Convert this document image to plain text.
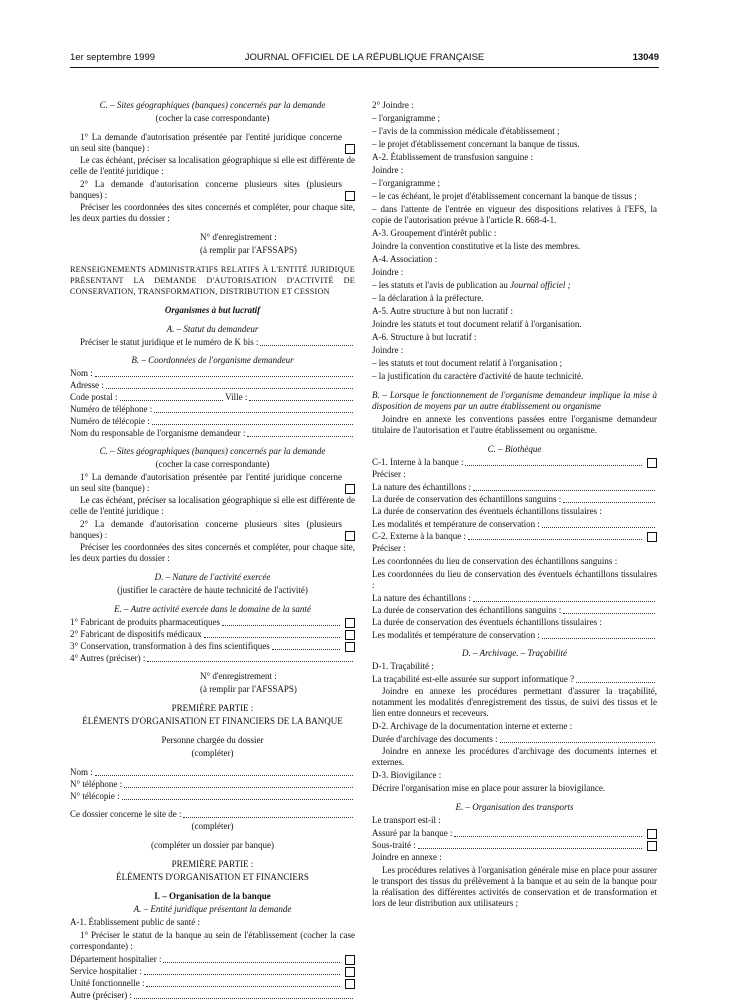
1er septembre 1999	JOURNAL OFFICIEL DE LA RÉPUBLIQUE FRANÇAISE	13049

C. – Sites géographiques (banques) concernés par la demande

(cocher la case correspondante)

1° La demande d'autorisation présentée par l'entité juridique concerne un seul site (banque) :

Le cas échéant, préciser sa localisation géographique si elle est différente de celle de l'entité juridique :

2° La demande d'autorisation concerne plusieurs sites (plusieurs banques) :

Préciser les coordonnées des sites concernés et compléter, pour chaque site, les deux parties du dossier :

N° d'enregistrement :

(à remplir par l'AFSSAPS)

RENSEIGNEMENTS ADMINISTRATIFS RELATIFS À L'ENTITÉ JURIDIQUE PRÉSENTANT LA DEMANDE D'AUTORISATION D'ACTIVITÉ DE CONSERVATION, TRANSFORMATION, DISTRIBUTION ET CESSION

Organismes à but lucratif

A. – Statut du demandeur

Préciser le statut juridique et le numéro de K bis :

B. – Coordonnées de l'organisme demandeur

Nom :
Adresse :
Code postal :	Ville :
Numéro de téléphone :
Numéro de télécopie :
Nom du responsable de l'organisme demandeur :

C. – Sites géographiques (banques) concernés par la demande

(cocher la case correspondante)

1° La demande d'autorisation présentée par l'entité juridique concerne un seul site (banque) :

Le cas échéant, préciser sa localisation géographique si elle est différente de celle de l'entité juridique :

2° La demande d'autorisation concerne plusieurs sites (plusieurs banques) :

Préciser les coordonnées des sites concernés et compléter, pour chaque site, les deux parties du dossier :

D. – Nature de l'activité exercée

(justifier le caractère de haute technicité de l'activité)

E. – Autre activité exercée dans le domaine de la santé

1° Fabricant de produits pharmaceutiques
2° Fabricant de dispositifs médicaux
3° Conservation, transformation à des fins scientifiques
4° Autres (préciser) :

N° d'enregistrement :

(à remplir par l'AFSSAPS)

PREMIÈRE PARTIE :

ÉLÉMENTS D'ORGANISATION ET FINANCIERS DE LA BANQUE

Personne chargée du dossier

(compléter)

Nom :
N° téléphone :
N° télécopie :
Ce dossier concerne le site de :

(compléter)

(compléter un dossier par banque)

PREMIÈRE PARTIE :

ÉLÉMENTS D'ORGANISATION ET FINANCIERS

I. – Organisation de la banque

A. – Entité juridique présentant la demande

A-1. Établissement public de santé :

1° Préciser le statut de la banque au sein de l'établissement (cocher la case correspondante) :

Département hospitalier :
Service hospitalier :
Unité fonctionnelle :
Autre (préciser) :

2° Joindre :

– l'organigramme ;

– l'avis de la commission médicale d'établissement ;

– le projet d'établissement concernant la banque de tissus.

A-2. Établissement de transfusion sanguine :

Joindre :

– l'organigramme ;

– le cas échéant, le projet d'établissement concernant la banque de tissus ;

– dans l'attente de l'entrée en vigueur des dispositions relatives à l'EFS, la copie de l'autorisation prévue à l'article R. 668-4-1.

A-3. Groupement d'intérêt public :

Joindre la convention constitutive et la liste des membres.

A-4. Association :

Joindre :

– les statuts et l'avis de publication au Journal officiel ;

– la déclaration à la préfecture.

A-5. Autre structure à but non lucratif :

Joindre les statuts et tout document relatif à l'organisation.

A-6. Structure à but lucratif :

Joindre :

– les statuts et tout document relatif à l'organisation ;

– la justification du caractère d'activité de haute technicité.

B. – Lorsque le fonctionnement de l'organisme demandeur implique la mise à disposition de moyens par un autre établissement ou organisme

Joindre en annexe les conventions passées entre l'organisme demandeur titulaire de l'autorisation et l'autre établissement ou organisme.

C. – Biothèque

C-1. Interne à la banque :

Préciser :

La nature des échantillons :
La durée de conservation des échantillons sanguins :

La durée de conservation des éventuels échantillons tissulaires :

Les modalités et température de conservation :
C-2. Externe à la banque :

Préciser :

Les coordonnées du lieu de conservation des échantillons sanguins :

Les coordonnées du lieu de conservation des éventuels échantillons tissulaires :

La nature des échantillons :
La durée de conservation des échantillons sanguins :

La durée de conservation des éventuels échantillons tissulaires :

Les modalités et température de conservation :

D. – Archivage. – Traçabilité

D-1. Traçabilité :

La traçabilité est-elle assurée sur support informatique ?

Joindre en annexe les procédures permettant d'assurer la traçabilité, notamment les modalités d'enregistrement des tissus, de suivi des tissus et le lien entre donneurs et receveurs.

D-2. Archivage de la documentation interne et externe :

Durée d'archivage des documents :

Joindre en annexe les procédures d'archivage des documents internes et externes.

D-3. Biovigilance :

Décrire l'organisation mise en place pour assurer la biovigilance.

E. – Organisation des transports

Le transport est-il :

Assuré par la banque :
Sous-traité :

Joindre en annexe :

Les procédures relatives à l'organisation générale mise en place pour assurer le transport des tissus du prélèvement à la banque et au sein de la banque pour la réalisation des différentes activités de conservation et de transformation et lors de leur distribution aux utilisateurs ;
